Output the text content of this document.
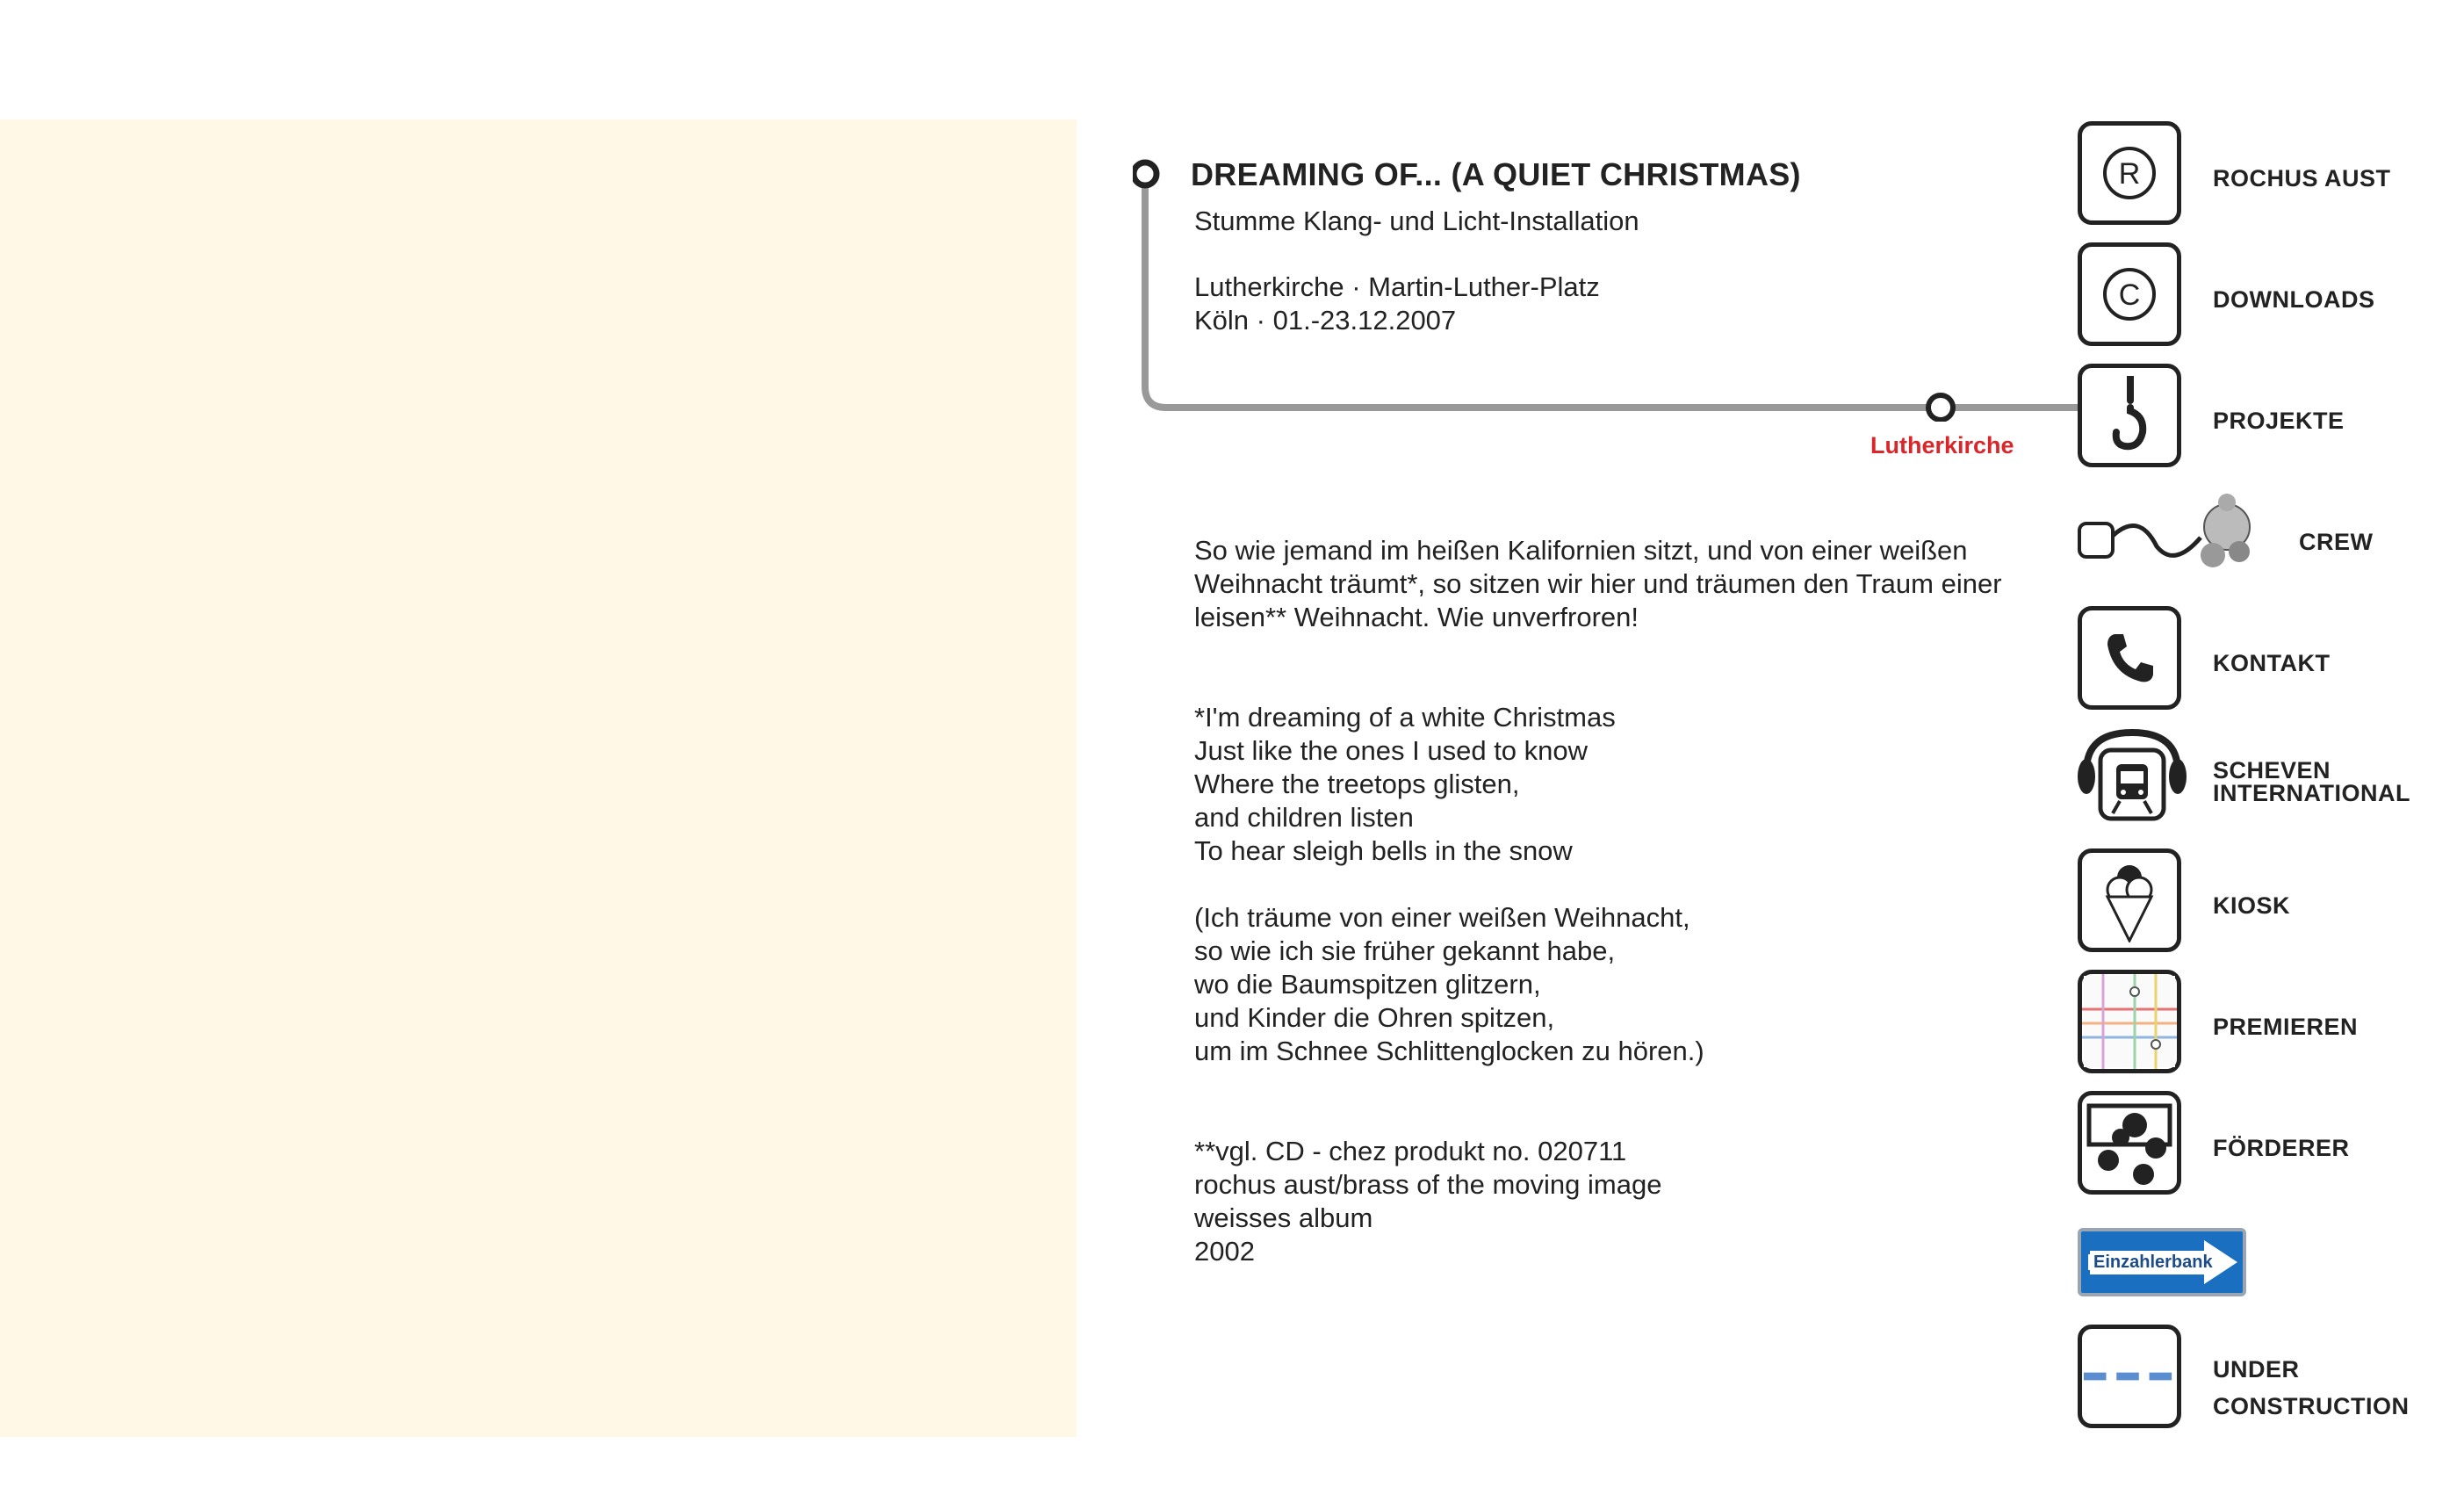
DREAMING OF... (A QUIET CHRISTMAS)
Stumme Klang- und Licht-Installation
Lutherkirche · Martin-Luther-Platz
Köln · 01.-23.12.2007
Lutherkirche
So wie jemand im heißen Kalifornien sitzt, und von einer weißen
Weihnacht träumt*, so sitzen wir hier und träumen den Traum einer
leisen** Weihnacht. Wie unverfroren!
*I'm dreaming of a white Christmas
Just like the ones I used to know
Where the treetops glisten,
and children listen
To hear sleigh bells in the snow
(Ich träume von einer weißen Weihnacht,
so wie ich sie früher gekannt habe,
wo die Baumspitzen glitzern,
und Kinder die Ohren spitzen,
um im Schnee Schlittenglocken zu hören.)
**vgl. CD - chez produkt no. 020711
rochus aust/brass of the moving image
weisses album
2002
R	ROCHUS AUST
C	DOWNLOADS
PROJEKTE
CREW
KONTAKT
SCHEVEN
INTERNATIONAL
KIOSK
PREMIEREN
FÖRDERER
Einzahlerbank
UNDER
CONSTRUCTION
